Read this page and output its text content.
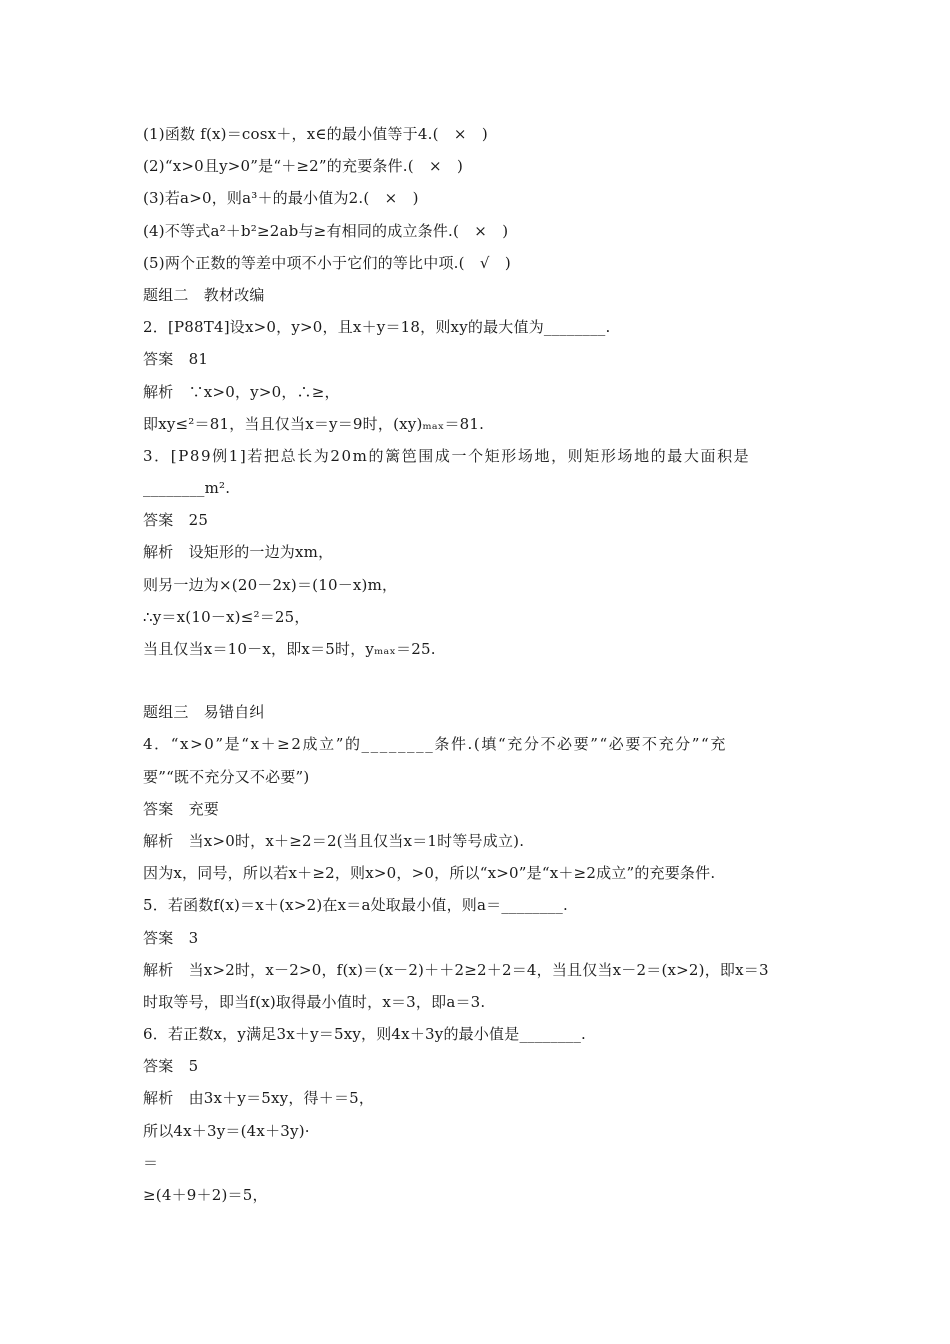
(1)函数 f(x)＝cosx＋，x∈的最小值等于4.(　×　)
(2)“x>0且y>0”是“＋≥2”的充要条件.(　×　)
(3)若a>0，则a³＋的最小值为2.(　×　)
(4)不等式a²＋b²≥2ab与≥有相同的成立条件.(　×　)
(5)两个正数的等差中项不小于它们的等比中项.(　√　)
题组二　教材改编
2．[P88T4]设x>0，y>0，且x＋y＝18，则xy的最大值为________.
答案　81
解析　∵x>0，y>0，∴≥，
即xy≤²＝81，当且仅当x＝y＝9时，(xy)ₘₐₓ＝81.
3．[P89例1]若把总长为20m的篱笆围成一个矩形场地，则矩形场地的最大面积是
________m².
答案　25
解析　设矩形的一边为xm，
则另一边为×(20－2x)＝(10－x)m，
∴y＝x(10－x)≤²＝25，
当且仅当x＝10－x，即x＝5时，yₘₐₓ＝25.
题组三　易错自纠
4．“x>0”是“x＋≥2成立”的________条件.(填“充分不必要”“必要不充分”“充
要”“既不充分又不必要”)
答案　充要
解析　当x>0时，x＋≥2＝2(当且仅当x＝1时等号成立).
因为x，同号，所以若x＋≥2，则x>0，>0，所以“x>0”是“x＋≥2成立”的充要条件.
5．若函数f(x)＝x＋(x>2)在x＝a处取最小值，则a＝________.
答案　3
解析　当x>2时，x－2>0，f(x)＝(x－2)＋＋2≥2＋2＝4，当且仅当x－2＝(x>2)，即x＝3
时取等号，即当f(x)取得最小值时，x＝3，即a＝3.
6．若正数x，y满足3x＋y＝5xy，则4x＋3y的最小值是________.
答案　5
解析　由3x＋y＝5xy，得＋＝5，
所以4x＋3y＝(4x＋3y)·
＝
≥(4＋9＋2)＝5，
